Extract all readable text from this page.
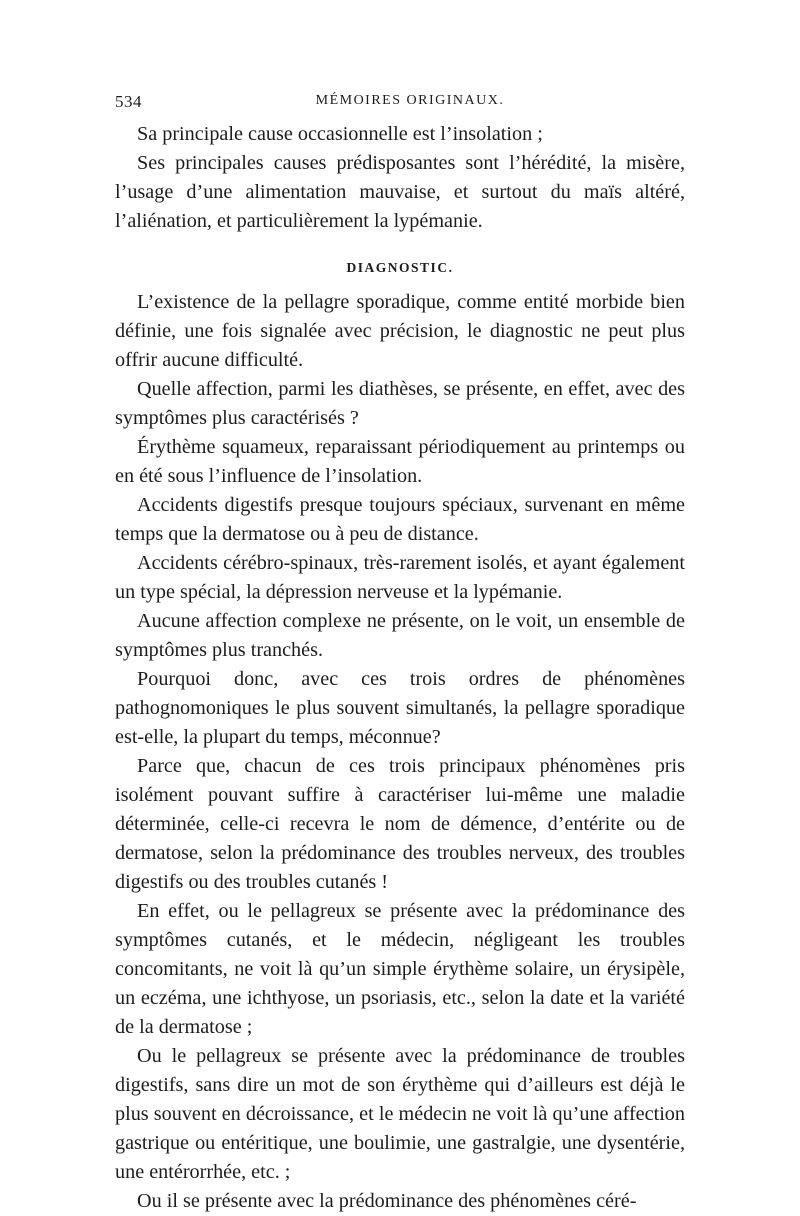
534	MÉMOIRES ORIGINAUX.

Sa principale cause occasionnelle est l’insolation ;

Ses principales causes prédisposantes sont l’hérédité, la misère, l’usage d’une alimentation mauvaise, et surtout du maïs altéré, l’aliénation, et particulièrement la lypémanie.

DIAGNOSTIC.

L’existence de la pellagre sporadique, comme entité morbide bien définie, une fois signalée avec précision, le diagnostic ne peut plus offrir aucune difficulté.

Quelle affection, parmi les diathèses, se présente, en effet, avec des symptômes plus caractérisés ?

Érythème squameux, reparaissant périodiquement au printemps ou en été sous l’influence de l’insolation.

Accidents digestifs presque toujours spéciaux, survenant en même temps que la dermatose ou à peu de distance.

Accidents cérébro-spinaux, très-rarement isolés, et ayant également un type spécial, la dépression nerveuse et la lypémanie.

Aucune affection complexe ne présente, on le voit, un ensemble de symptômes plus tranchés.

Pourquoi donc, avec ces trois ordres de phénomènes pathognomoniques le plus souvent simultanés, la pellagre sporadique est-elle, la plupart du temps, méconnue?

Parce que, chacun de ces trois principaux phénomènes pris isolément pouvant suffire à caractériser lui-même une maladie déterminée, celle-ci recevra le nom de démence, d’entérite ou de dermatose, selon la prédominance des troubles nerveux, des troubles digestifs ou des troubles cutanés !

En effet, ou le pellagreux se présente avec la prédominance des symptômes cutanés, et le médecin, négligeant les troubles concomitants, ne voit là qu’un simple érythème solaire, un érysipèle, un eczéma, une ichthyose, un psoriasis, etc., selon la date et la variété de la dermatose ;

Ou le pellagreux se présente avec la prédominance de troubles digestifs, sans dire un mot de son érythème qui d’ailleurs est déjà le plus souvent en décroissance, et le médecin ne voit là qu’une affection gastrique ou entéritique, une boulimie, une gastralgie, une dysentérie, une entérorrhée, etc. ;

Ou il se présente avec la prédominance des phénomènes céré-
